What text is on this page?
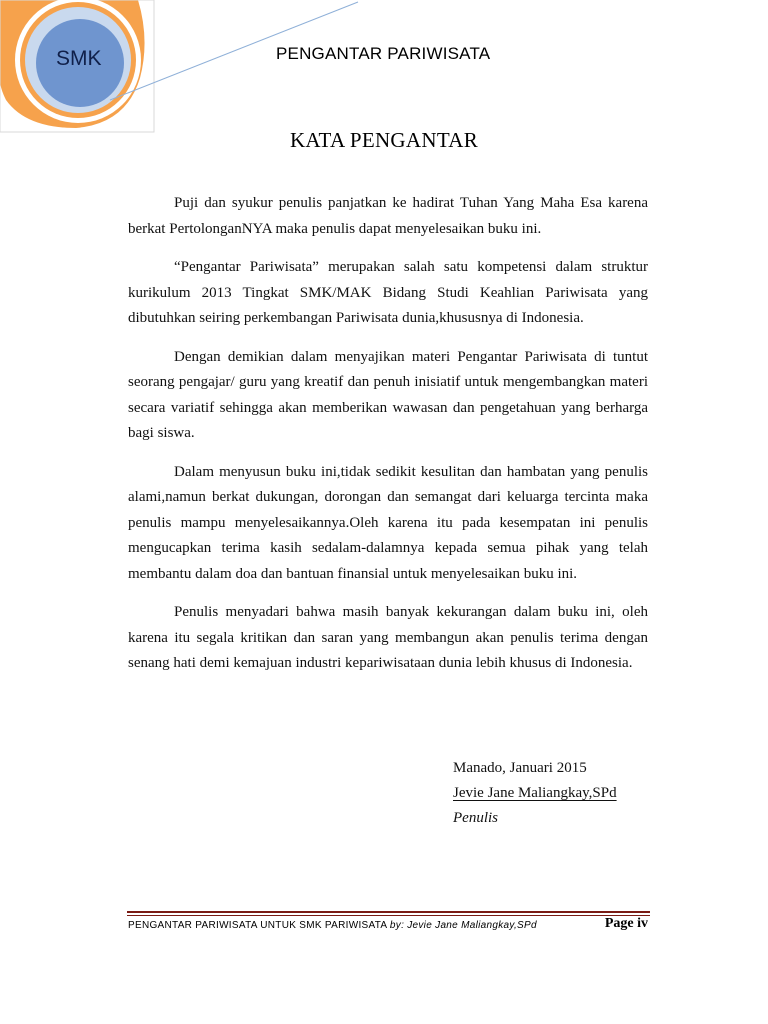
SMK	PENGANTAR PARIWISATA
KATA PENGANTAR

Puji dan syukur penulis panjatkan ke hadirat Tuhan Yang Maha Esa karena berkat PertolonganNYA maka penulis dapat menyelesaikan buku ini.

“Pengantar Pariwisata” merupakan salah satu kompetensi dalam struktur kurikulum 2013 Tingkat SMK/MAK Bidang Studi Keahlian Pariwisata yang dibutuhkan seiring perkembangan Pariwisata dunia,khususnya di Indonesia.

Dengan demikian dalam menyajikan materi Pengantar Pariwisata di tuntut seorang pengajar/ guru yang kreatif dan penuh inisiatif untuk mengembangkan materi secara variatif sehingga akan memberikan wawasan dan pengetahuan yang berharga bagi siswa.

Dalam menyusun buku ini,tidak sedikit kesulitan dan hambatan yang penulis alami,namun berkat dukungan, dorongan dan semangat dari keluarga tercinta maka penulis mampu menyelesaikannya.Oleh karena itu pada kesempatan ini penulis mengucapkan terima kasih sedalam-dalamnya kepada semua pihak yang telah membantu dalam doa dan bantuan finansial untuk menyelesaikan buku ini.

Penulis menyadari bahwa masih banyak kekurangan dalam buku ini, oleh karena itu segala kritikan dan saran yang membangun akan penulis terima dengan senang hati demi kemajuan industri kepariwisataan dunia lebih khusus di Indonesia.

Manado, Januari 2015
Jevie Jane Maliangkay,SPd
Penulis
PENGANTAR PARIWISATA UNTUK SMK PARIWISATA by: Jevie Jane Maliangkay,SPd	Page iv
